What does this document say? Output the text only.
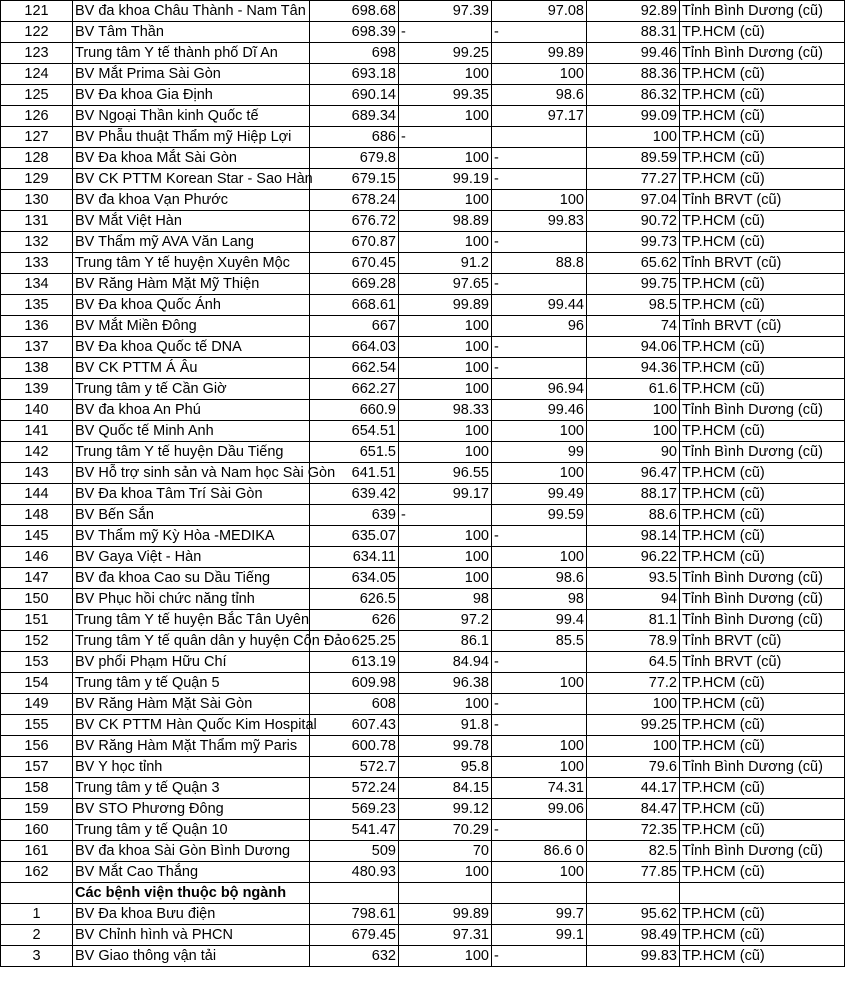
121	BV đa khoa Châu Thành - Nam Tân	698.68	97.39	97.08	92.89	Tỉnh Bình Dương (cũ)
122	BV Tâm Thần	698.39	-	-	88.31	TP.HCM (cũ)
123	Trung tâm Y tế thành phố Dĩ An	698	99.25	99.89	99.46	Tỉnh Bình Dương (cũ)
124	BV Mắt Prima Sài Gòn	693.18	100	100	88.36	TP.HCM (cũ)
125	BV Đa khoa Gia Định	690.14	99.35	98.6	86.32	TP.HCM (cũ)
126	BV Ngoại Thần kinh Quốc tế	689.34	100	97.17	99.09	TP.HCM (cũ)
127	BV Phẫu thuật Thẩm mỹ Hiệp Lợi	686	-		100	TP.HCM (cũ)
128	BV Đa khoa Mắt Sài Gòn	679.8	100	-	89.59	TP.HCM (cũ)
129	BV CK PTTM Korean Star - Sao Hàn	679.15	99.19	-	77.27	TP.HCM (cũ)
130	BV đa khoa Vạn Phước	678.24	100	100	97.04	Tỉnh BRVT (cũ)
131	BV Mắt Việt Hàn	676.72	98.89	99.83	90.72	TP.HCM (cũ)
132	BV Thẩm mỹ AVA Văn Lang	670.87	100	-	99.73	TP.HCM (cũ)
133	Trung tâm Y tế huyện Xuyên Mộc	670.45	91.2	88.8	65.62	Tỉnh BRVT (cũ)
134	BV Răng Hàm Mặt Mỹ Thiện	669.28	97.65	-	99.75	TP.HCM (cũ)
135	BV Đa khoa Quốc Ánh	668.61	99.89	99.44	98.5	TP.HCM (cũ)
136	BV Mắt Miền Đông	667	100	96	74	Tỉnh BRVT (cũ)
137	BV Đa khoa Quốc tế DNA	664.03	100	-	94.06	TP.HCM (cũ)
138	BV CK PTTM Á Âu	662.54	100	-	94.36	TP.HCM (cũ)
139	Trung tâm y tế Cần Giờ	662.27	100	96.94	61.6	TP.HCM (cũ)
140	BV đa khoa An Phú	660.9	98.33	99.46	100	Tỉnh Bình Dương (cũ)
141	BV Quốc tế Minh Anh	654.51	100	100	100	TP.HCM (cũ)
142	Trung tâm Y tế huyện Dầu Tiếng	651.5	100	99	90	Tỉnh Bình Dương (cũ)
143	BV Hỗ trợ sinh sản và Nam học Sài Gòn	641.51	96.55	100	96.47	TP.HCM (cũ)
144	BV Đa khoa Tâm Trí Sài Gòn	639.42	99.17	99.49	88.17	TP.HCM (cũ)
148	BV Bến Sắn	639	-	99.59	88.6	TP.HCM (cũ)
145	BV Thẩm mỹ Kỳ Hòa -MEDIKA	635.07	100	-	98.14	TP.HCM (cũ)
146	BV Gaya Việt - Hàn	634.11	100	100	96.22	TP.HCM (cũ)
147	BV đa khoa Cao su Dầu Tiếng	634.05	100	98.6	93.5	Tỉnh Bình Dương (cũ)
150	BV Phục hồi chức năng tỉnh	626.5	98	98	94	Tỉnh Bình Dương (cũ)
151	Trung tâm Y tế huyện Bắc Tân Uyên	626	97.2	99.4	81.1	Tỉnh Bình Dương (cũ)
152	Trung tâm Y tế quân dân y huyện Côn Đảo	625.25	86.1	85.5	78.9	Tỉnh BRVT (cũ)
153	BV phổi Phạm Hữu Chí	613.19	84.94	-	64.5	Tỉnh BRVT (cũ)
154	Trung tâm y tế Quận 5	609.98	96.38	100	77.2	TP.HCM (cũ)
149	BV Răng Hàm Mặt Sài Gòn	608	100	-	100	TP.HCM (cũ)
155	BV CK PTTM Hàn Quốc Kim Hospital	607.43	91.8	-	99.25	TP.HCM (cũ)
156	BV Răng Hàm Mặt Thẩm mỹ Paris	600.78	99.78	100	100	TP.HCM (cũ)
157	BV Y học tỉnh	572.7	95.8	100	79.6	Tỉnh Bình Dương (cũ)
158	Trung tâm y tế Quận 3	572.24	84.15	74.31	44.17	TP.HCM (cũ)
159	BV STO Phương Đông	569.23	99.12	99.06	84.47	TP.HCM (cũ)
160	Trung tâm y tế Quận 10	541.47	70.29	-	72.35	TP.HCM (cũ)
161	BV đa khoa Sài Gòn Bình Dương	509	70	86.6 0	82.5	Tỉnh Bình Dương (cũ)
162	BV Mắt Cao Thắng	480.93	100	100	77.85	TP.HCM (cũ)
	Các bệnh viện thuộc bộ ngành					
1	BV Đa khoa Bưu điện	798.61	99.89	99.7	95.62	TP.HCM (cũ)
2	BV Chỉnh hình và PHCN	679.45	97.31	99.1	98.49	TP.HCM (cũ)
3	BV Giao thông vận tải	632	100	-	99.83	TP.HCM (cũ)
